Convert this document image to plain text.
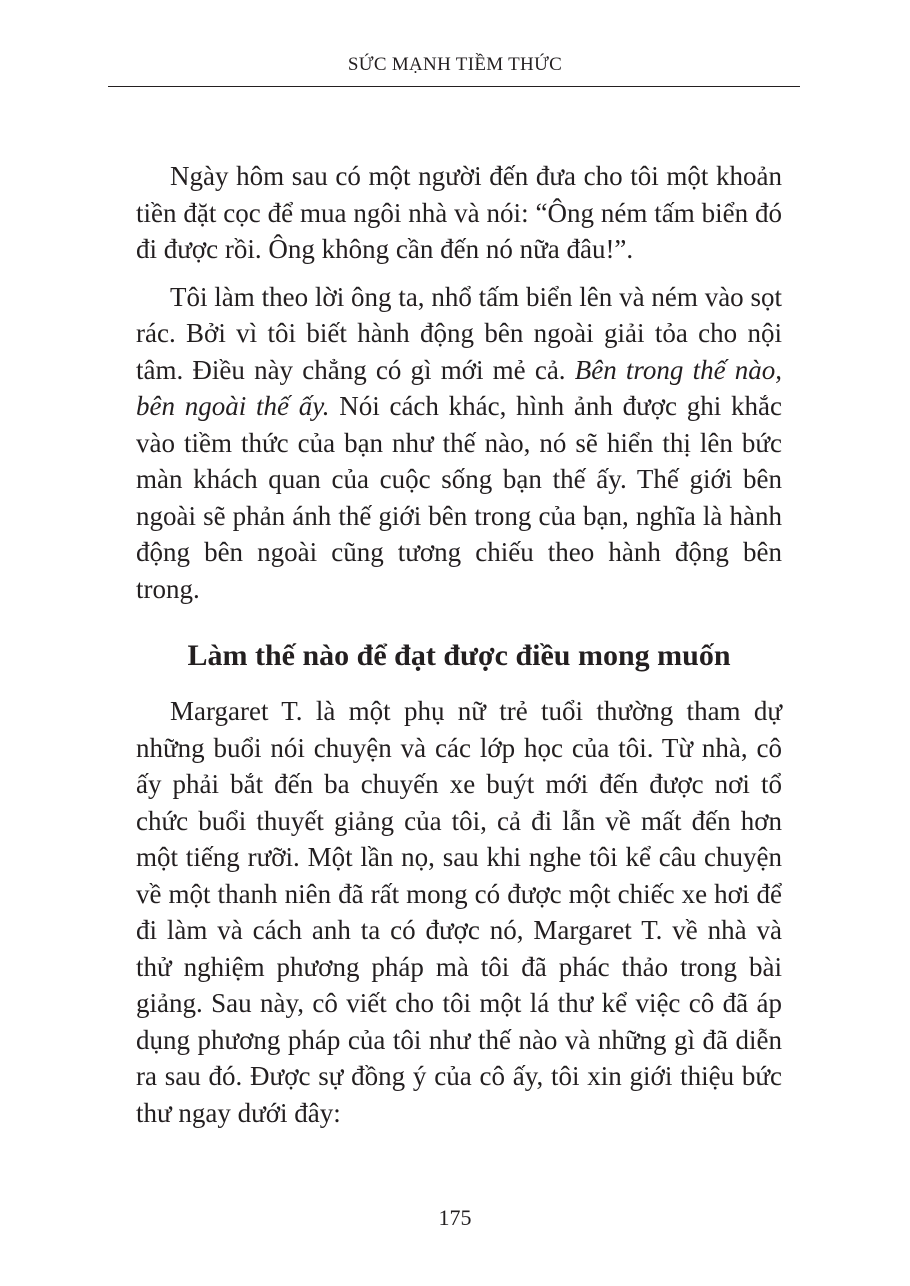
SỨC MẠNH TIỀM THỨC

Ngày hôm sau có một người đến đưa cho tôi một khoản tiền đặt cọc để mua ngôi nhà và nói: “Ông ném tấm biển đó đi được rồi. Ông không cần đến nó nữa đâu!”.

Tôi làm theo lời ông ta, nhổ tấm biển lên và ném vào sọt rác. Bởi vì tôi biết hành động bên ngoài giải tỏa cho nội tâm. Điều này chẳng có gì mới mẻ cả. Bên trong thế nào, bên ngoài thế ấy. Nói cách khác, hình ảnh được ghi khắc vào tiềm thức của bạn như thế nào, nó sẽ hiển thị lên bức màn khách quan của cuộc sống bạn thế ấy. Thế giới bên ngoài sẽ phản ánh thế giới bên trong của bạn, nghĩa là hành động bên ngoài cũng tương chiếu theo hành động bên trong.

Làm thế nào để đạt được điều mong muốn

Margaret T. là một phụ nữ trẻ tuổi thường tham dự những buổi nói chuyện và các lớp học của tôi. Từ nhà, cô ấy phải bắt đến ba chuyến xe buýt mới đến được nơi tổ chức buổi thuyết giảng của tôi, cả đi lẫn về mất đến hơn một tiếng rưỡi. Một lần nọ, sau khi nghe tôi kể câu chuyện về một thanh niên đã rất mong có được một chiếc xe hơi để đi làm và cách anh ta có được nó, Margaret T. về nhà và thử nghiệm phương pháp mà tôi đã phác thảo trong bài giảng. Sau này, cô viết cho tôi một lá thư kể việc cô đã áp dụng phương pháp của tôi như thế nào và những gì đã diễn ra sau đó. Được sự đồng ý của cô ấy, tôi xin giới thiệu bức thư ngay dưới đây:

175
